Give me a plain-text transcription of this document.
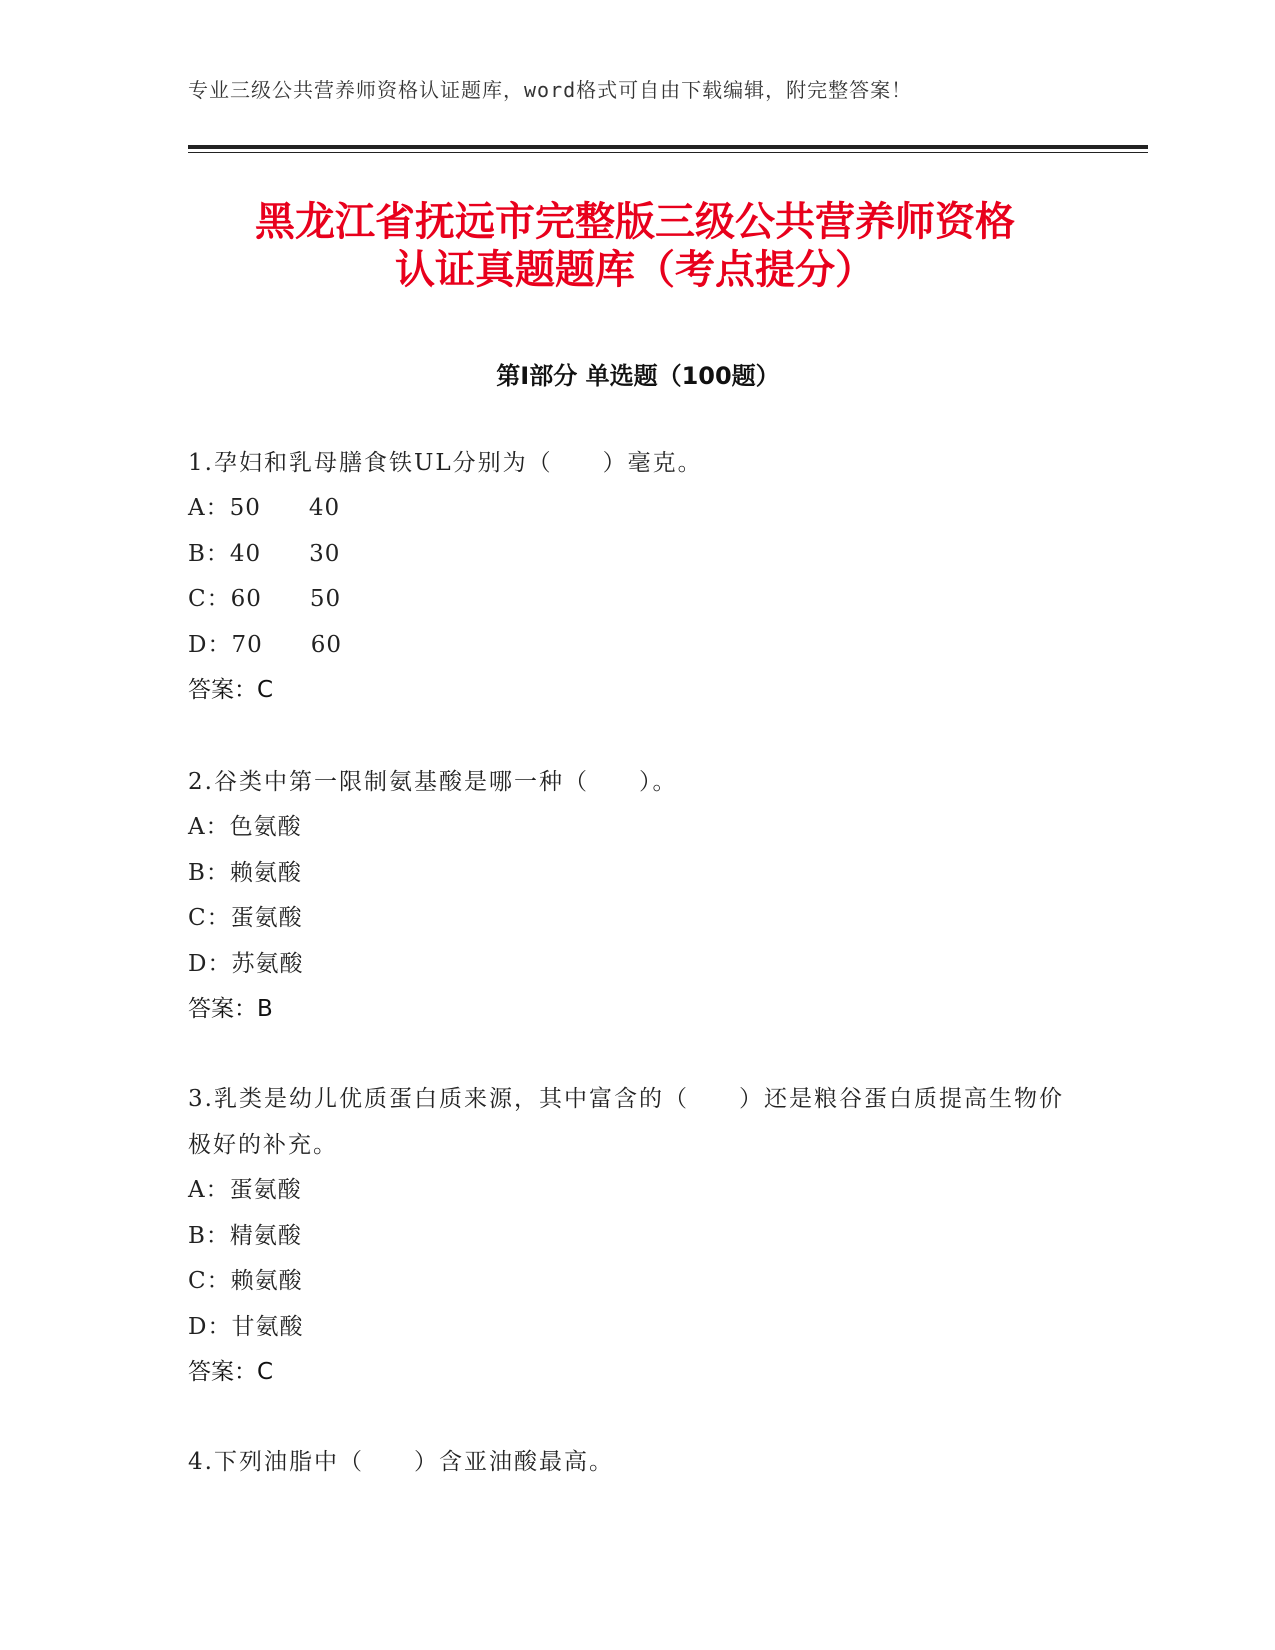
专业三级公共营养师资格认证题库，word格式可自由下载编辑，附完整答案！
黑龙江省抚远市完整版三级公共营养师资格
认证真题题库（考点提分）
第Ⅰ部分 单选题（100题）
1.孕妇和乳母膳食铁UL分别为（　　）毫克。
A：50　　40
B：40　　30
C：60　　50
D：70　　60
答案：C
2.谷类中第一限制氨基酸是哪一种（　　）。
A：色氨酸
B：赖氨酸
C：蛋氨酸
D：苏氨酸
答案：B
3.乳类是幼儿优质蛋白质来源，其中富含的（　　）还是粮谷蛋白质提高生物价极好的补充。
A：蛋氨酸
B：精氨酸
C：赖氨酸
D：甘氨酸
答案：C
4.下列油脂中（　　）含亚油酸最高。
